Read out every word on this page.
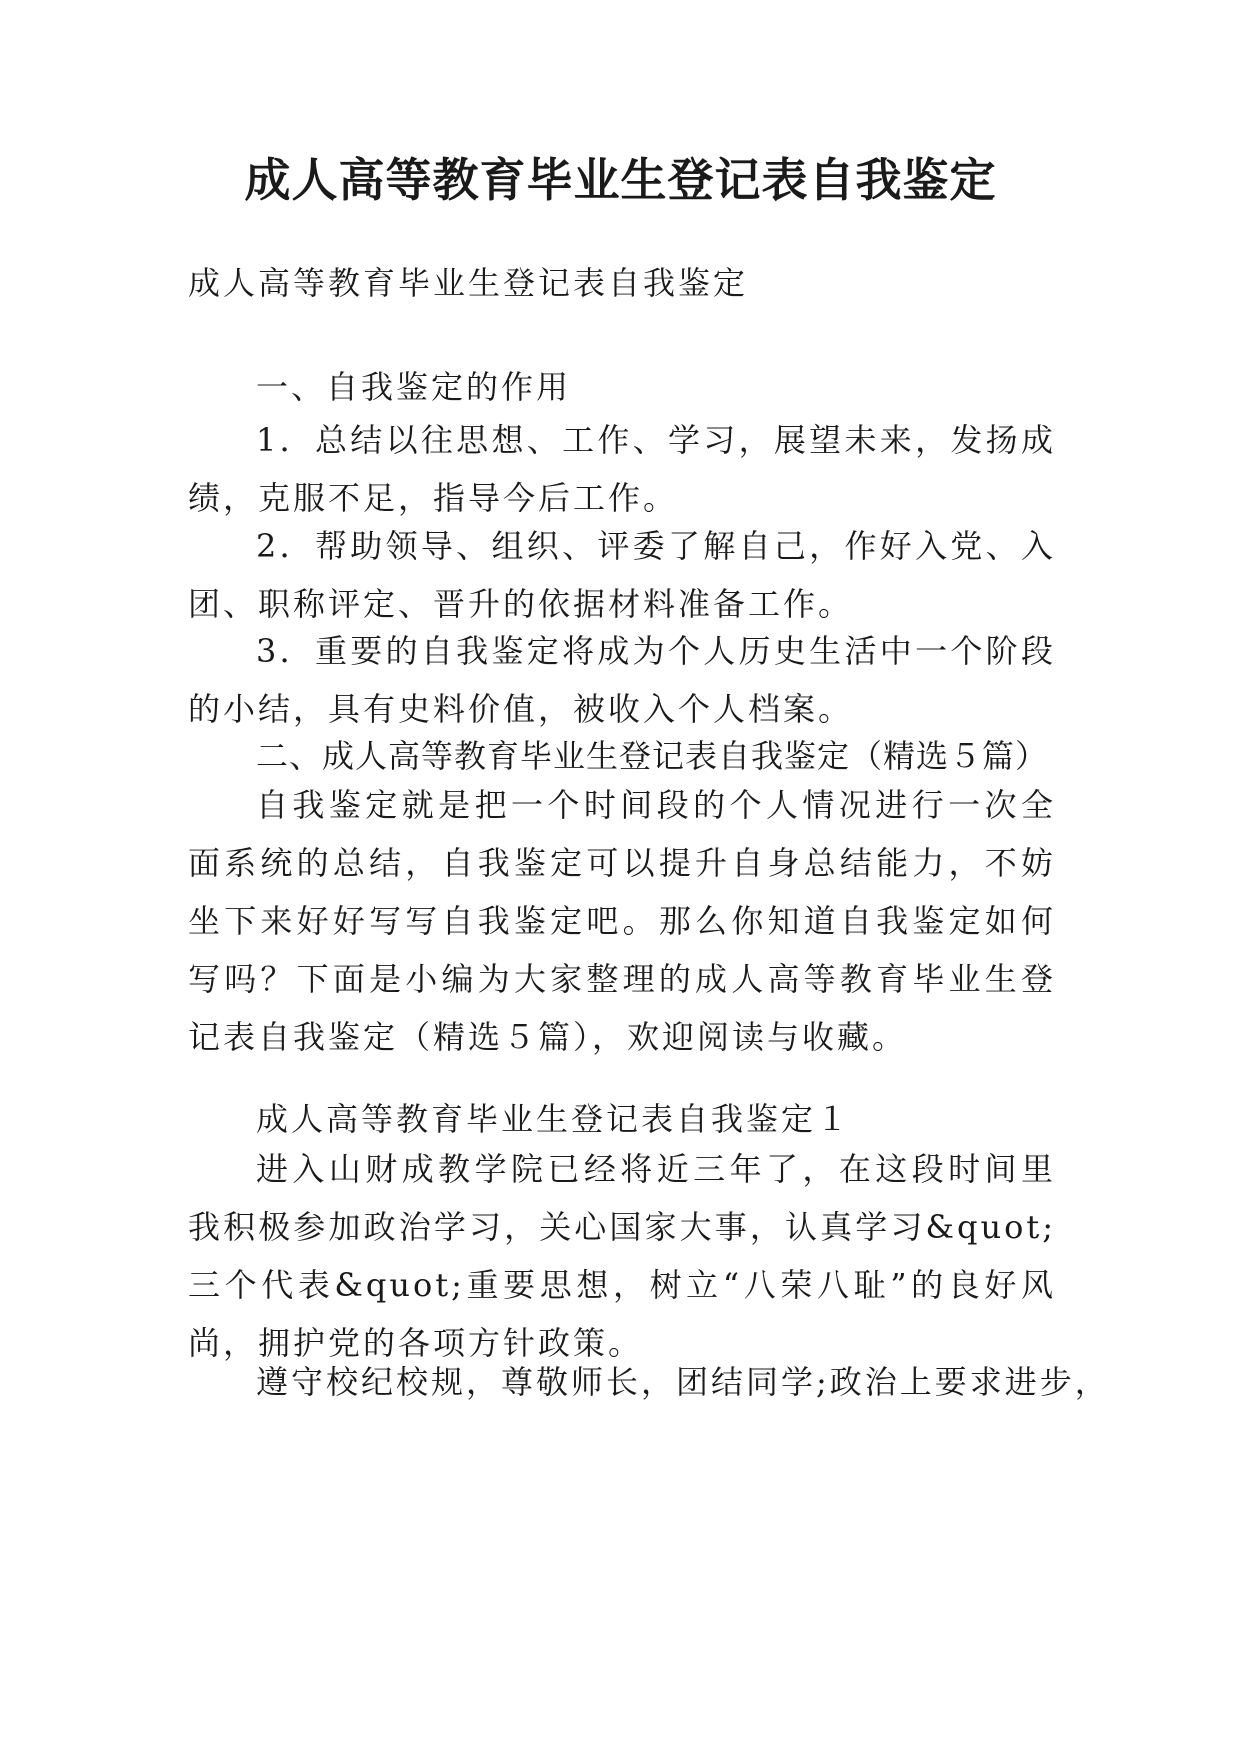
成人高等教育毕业生登记表自我鉴定

成人高等教育毕业生登记表自我鉴定

一、自我鉴定的作用

1．总结以往思想、工作、学习，展望未来，发扬成绩，克服不足，指导今后工作。

2．帮助领导、组织、评委了解自己，作好入党、入团、职称评定、晋升的依据材料准备工作。

3．重要的自我鉴定将成为个人历史生活中一个阶段的小结，具有史料价值，被收入个人档案。

二、成人高等教育毕业生登记表自我鉴定（精选５篇）

自我鉴定就是把一个时间段的个人情况进行一次全面系统的总结，自我鉴定可以提升自身总结能力，不妨坐下来好好写写自我鉴定吧。那么你知道自我鉴定如何写吗？下面是小编为大家整理的成人高等教育毕业生登记表自我鉴定（精选５篇），欢迎阅读与收藏。

成人高等教育毕业生登记表自我鉴定１

进入山财成教学院已经将近三年了，在这段时间里我积极参加政治学习，关心国家大事，认真学习&quot;三个代表&quot;重要思想，树立“八荣八耻”的良好风尚，拥护党的各项方针政策。

遵守校纪校规，尊敬师长，团结同学;政治上要求进步，
